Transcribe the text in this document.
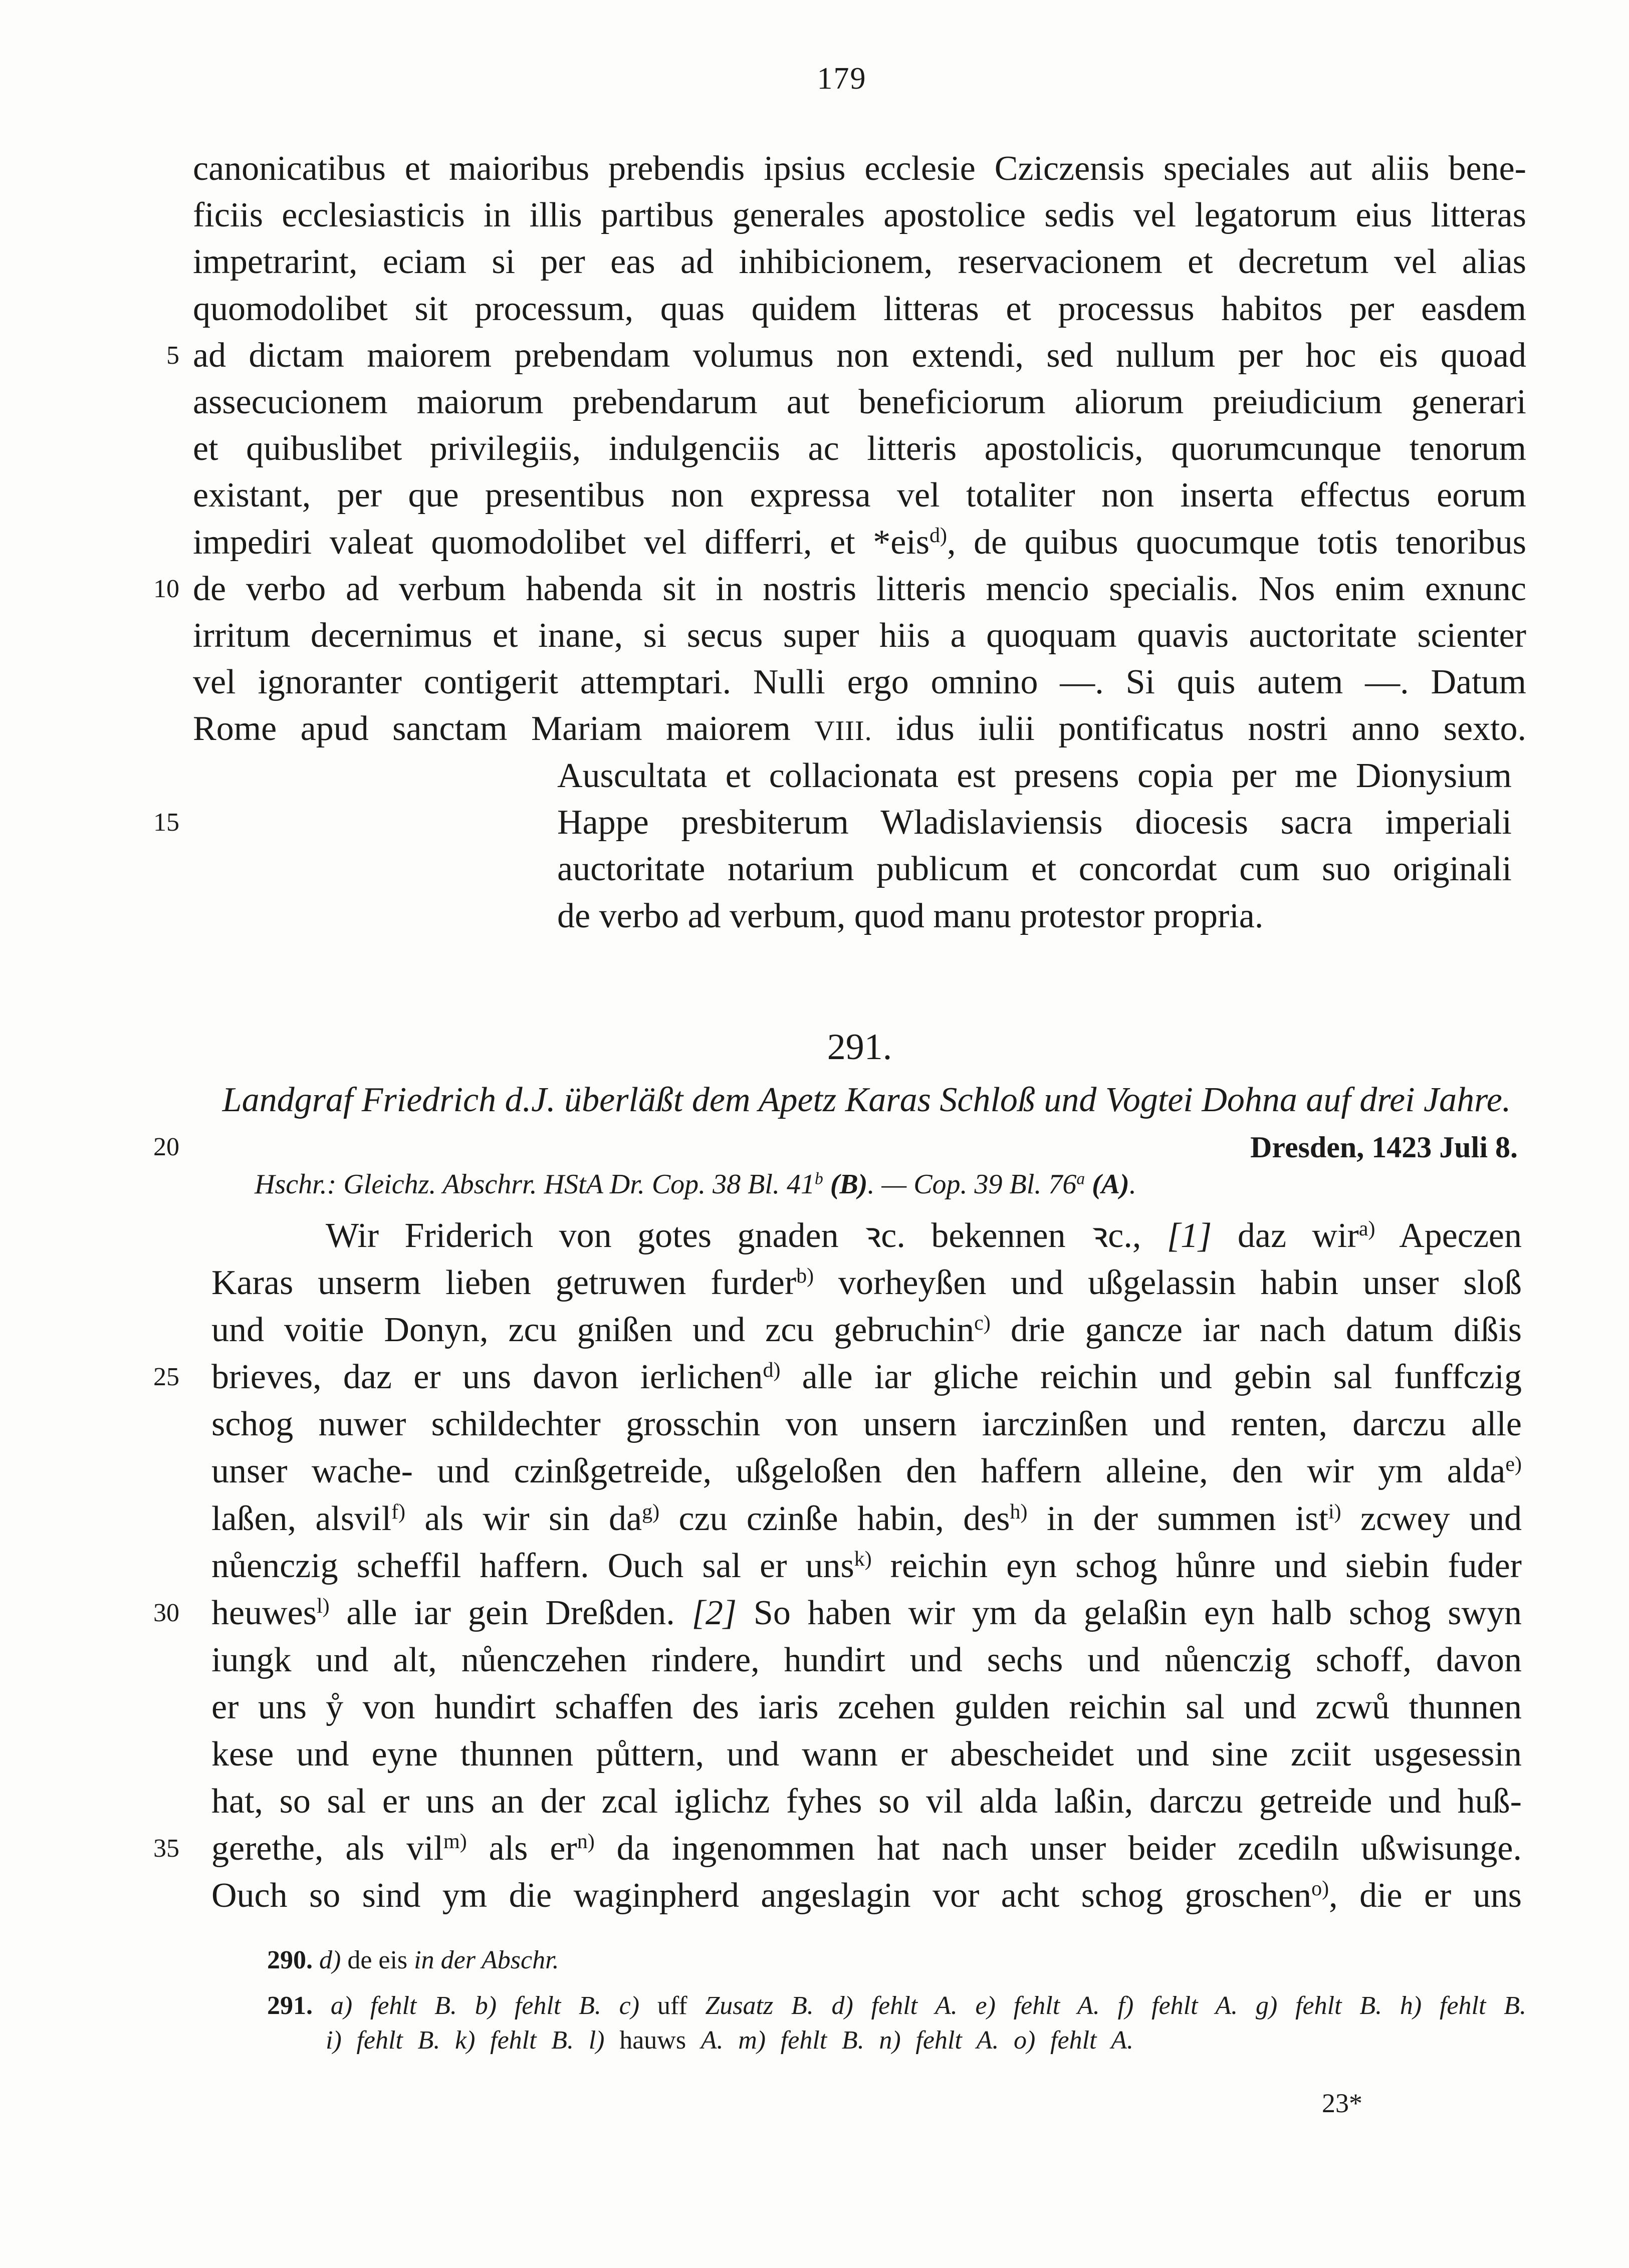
179
canonicatibus et maioribus prebendis ipsius ecclesie Cziczensis speciales aut aliis bene-
ficiis ecclesiasticis in illis partibus generales apostolice sedis vel legatorum eius litteras
impetrarint, eciam si per eas ad inhibicionem, reservacionem et decretum vel alias
quomodolibet sit processum, quas quidem litteras et processus habitos per easdem
5 ad dictam maiorem prebendam volumus non extendi, sed nullum per hoc eis quoad
assecucionem maiorum prebendarum aut beneficiorum aliorum preiudicium generari
et quibuslibet privilegiis, indulgenciis ac litteris apostolicis, quorumcunque tenorum
existant, per que presentibus non expressa vel totaliter non inserta effectus eorum
impediri valeat quomodolibet vel differri, et *eis$^{d)}$, de quibus quocumque totis tenoribus
10 de verbo ad verbum habenda sit in nostris litteris mencio specialis. Nos enim exnunc
irritum decernimus et inane, si secus super hiis a quoquam quavis auctoritate scienter
vel ignoranter contigerit attemptari. Nulli ergo omnino —. Si quis autem —. Datum
Rome apud sanctam Mariam maiorem VIII. idus iulii pontificatus nostri anno sexto.
Auscultata et collacionata est presens copia per me Dionysium
15	Happe presbiterum Wladislaviensis diocesis sacra imperiali
auctoritate notarium publicum et concordat cum suo originali
de verbo ad verbum, quod manu protestor propria.
291.
Landgraf Friedrich d.J. überläßt dem Apetz Karas Schloß und Vogtei Dohna auf drei Jahre.
20	Dresden, 1423 Juli 8.
Hschr.: Gleichz. Abschrr. HStA Dr. Cop. 38 Bl. 41$^b$ (B). — Cop. 39 Bl. 76$^a$ (A).
Wir Friderich von gotes gnaden ꝛc. bekennen ꝛc., [1] daz wir$^{a)}$ Apeczen
Karas unserm lieben getruwen furder$^{b)}$ vorheyßen und ußgelassin habin unser sloß
und voitie Donyn, zcu gnißen und zcu gebruchin$^{c)}$ drie gancze iar nach datum dißis
25 brieves, daz er uns davon ierlichen$^{d)}$ alle iar gliche reichin und gebin sal funffczig
schog nuwer schildechter grosschin von unsern iarczinßen und renten, darczu alle
unser wache- und czinßgetreide, ußgeloßen den haffern alleine, den wir ym alda$^{e)}$
laßen, alsvil$^{f)}$ als wir $\sin da^{g)}$ czu czinße habin, des$^{h)}$ in der summen ist$^{i)}$ zcwey und
nůenczig scheffil haffern. Ouch sal er uns$^{k)}$ reichin eyn schog hůnre und siebin fuder
30 heuwes$^{l)}$ alle iar gein Dreßden. [2] So haben wir ym da gelaßin eyn halb schog swyn
iungk und alt, nůenczehen rindere, hundirt und sechs und nůenczig schoff, davon
er uns ẙ von hundirt schaffen des iaris zcehen gulden reichin sal und zcwů thunnen
kese und eyne thunnen půttern, und wann er abescheidet und sine zciit usgesessin
hat, so sal er uns an der zcal iglichz fyhes so vil alda laßin, darczu getreide und huß-
35 gerethe, als vil$^{m)}$ als $er^{n)}$ da ingenommen hat nach unser beider zcediln ußwisunge.
Ouch so sind ym die waginpherd angeslagin vor acht schog groschen$^{o)}$, die er uns
290. d) de eis in der Abschr.
291. a) fehlt B. b) fehlt B. c) uff Zusatz B. d) fehlt A. e) fehlt A. f) fehlt A. g) fehlt B. h) fehlt B.
i) fehlt B. k) fehlt B. l) hauws A. m) fehlt B. n) fehlt A. o) fehlt A.
23*
